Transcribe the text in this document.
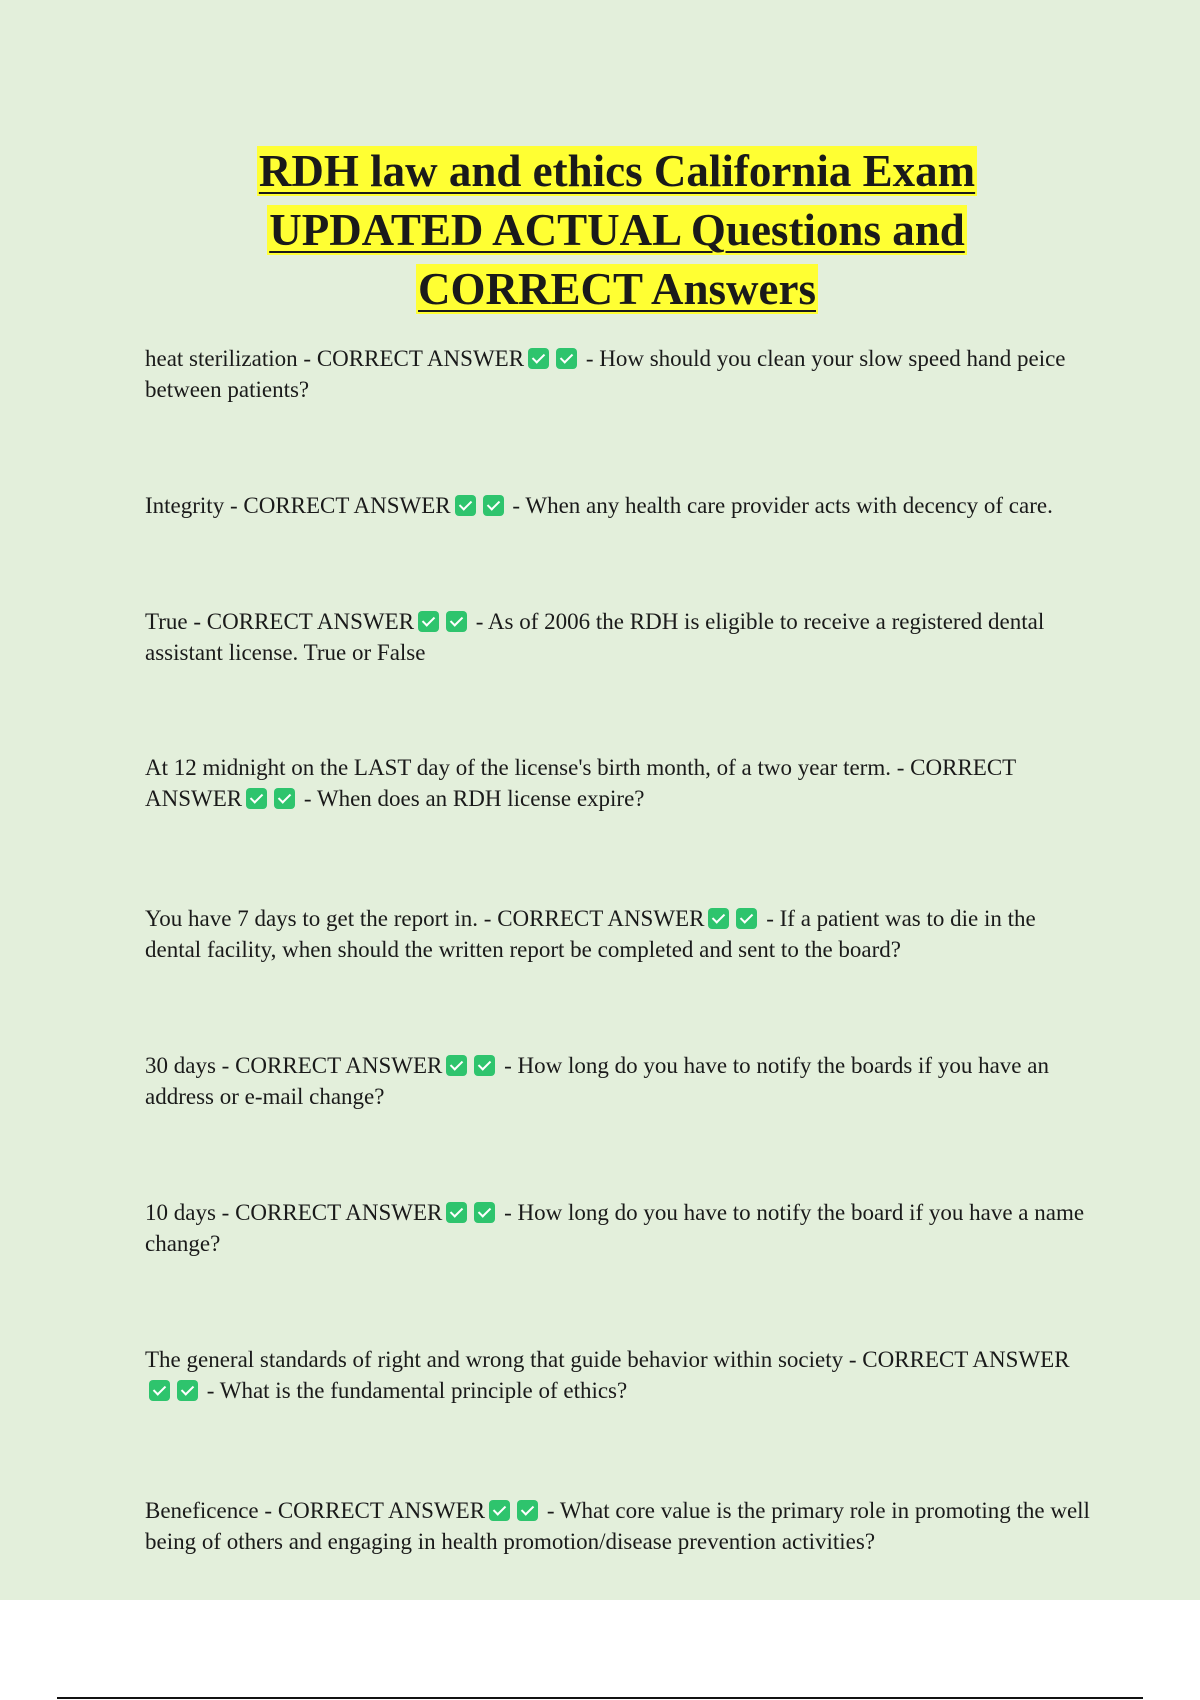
RDH law and ethics California Exam
UPDATED ACTUAL Questions and
CORRECT Answers

heat sterilization - CORRECT ANSWER - How should you clean your slow speed hand peice between patients?

Integrity - CORRECT ANSWER - When any health care provider acts with decency of care.

True - CORRECT ANSWER - As of 2006 the RDH is eligible to receive a registered dental assistant license. True or False

At 12 midnight on the LAST day of the license's birth month, of a two year term. - CORRECT ANSWER - When does an RDH license expire?

You have 7 days to get the report in. - CORRECT ANSWER - If a patient was to die in the dental facility, when should the written report be completed and sent to the board?

30 days - CORRECT ANSWER - How long do you have to notify the boards if you have an address or e-mail change?

10 days - CORRECT ANSWER - How long do you have to notify the board if you have a name change?

The general standards of right and wrong that guide behavior within society - CORRECT ANSWER - What is the fundamental principle of ethics?

Beneficence - CORRECT ANSWER - What core value is the primary role in promoting the well being of others and engaging in health promotion/disease prevention activities?
